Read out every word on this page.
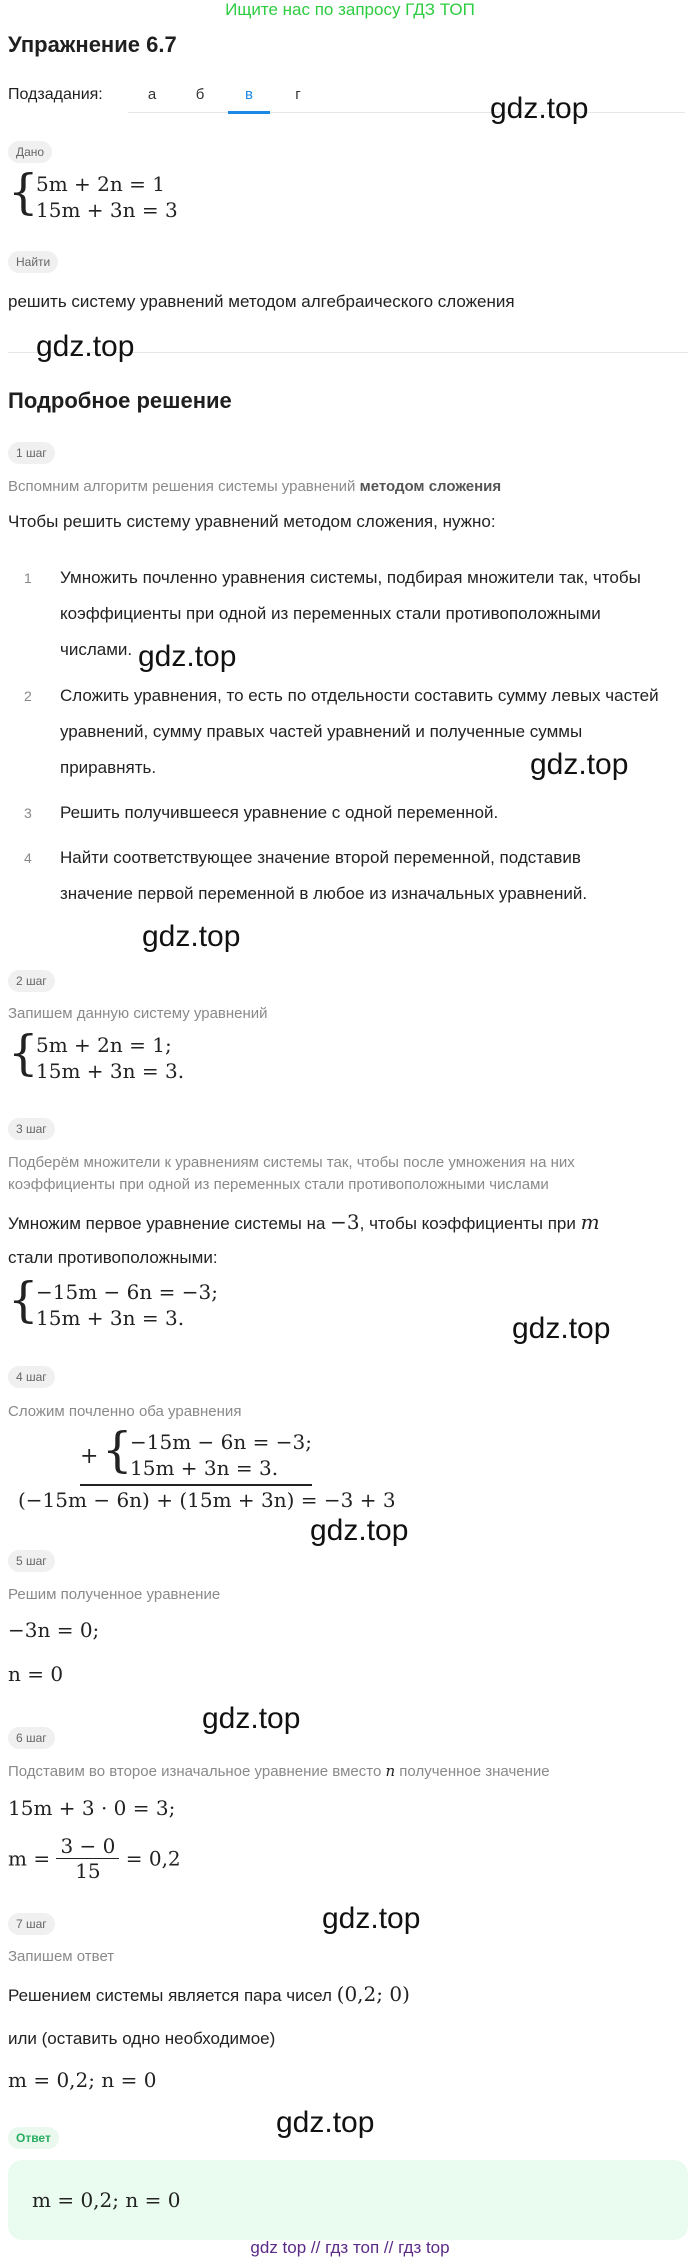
Ищите нас по запросу ГДЗ ТОП
Упражнение 6.7
Подзадания:	а	б	в	г	gdz.top
Дано
{
5m + 2n = 1
15m + 3n = 3
Найти
решить систему уравнений методом алгебраического сложения
gdz.top
Подробное решение
1 шаг
Вспомним алгоритм решения системы уравнений методом сложения
Чтобы решить систему уравнений методом сложения, нужно:
1	Умножить почленно уравнения системы, подбирая множители так, чтобы
коэффициенты при одной из переменных стали противоположными
числами. gdz.top
2	Сложить уравнения, то есть по отдельности составить сумму левых частей
уравнений, сумму правых частей уравнений и полученные суммы
приравнять.	gdz.top
3	Решить получившееся уравнение с одной переменной.
4	Найти соответствующее значение второй переменной, подставив
значение первой переменной в любое из изначальных уравнений.
gdz.top
2 шаг
Запишем данную систему уравнений
{
5m + 2n = 1;
15m + 3n = 3.
3 шаг
Подберём множители к уравнениям системы так, чтобы после умножения на них
коэффициенты при одной из переменных стали противоположными числами
Умножим первое уравнение системы на −3, чтобы коэффициенты при m
стали противоположными:
{
−15m − 6n = −3;
15m + 3n = 3.	gdz.top
4 шаг
Сложим почленно оба уравнения
+ {
−15m − 6n = −3;
15m + 3n = 3.
(−15m − 6n) + (15m + 3n) = −3 + 3
gdz.top
5 шаг
Решим полученное уравнение
−3n = 0;
n = 0
gdz.top
6 шаг
Подставим во второе изначальное уравнение вместо n полученное значение
15m + 3 · 0 = 3;
$m = \frac{3 - 0}{15} = 0,2$
gdz.top
7 шаг
Запишем ответ
Решением системы является пара чисел (0,2; 0)
или (оставить одно необходимое)
m = 0,2; n = 0
gdz.top
Ответ
m = 0,2; n = 0
gdz top // гдз топ // гдз top
